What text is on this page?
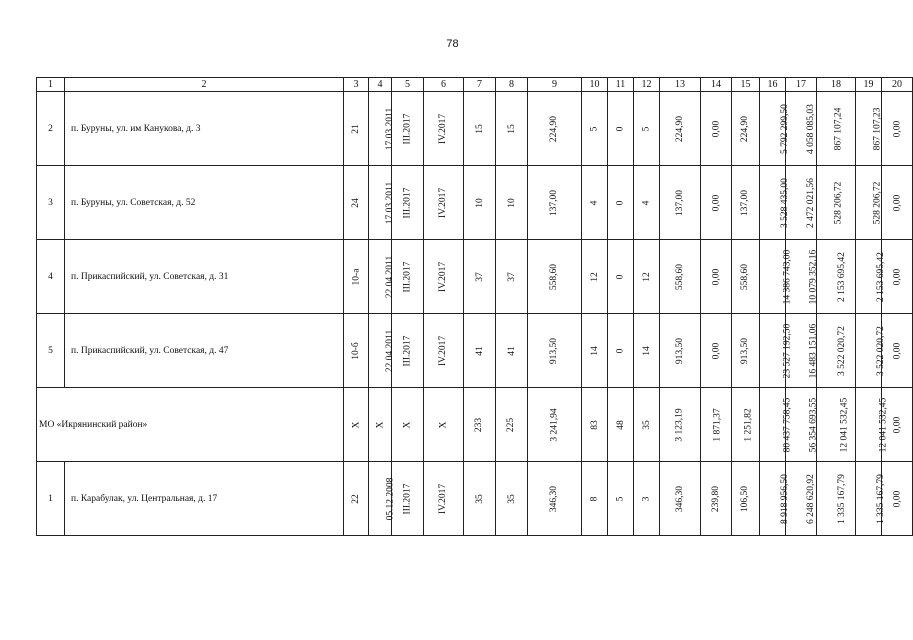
78
1	2	3	4	5	6	7	8	9	10	11	12	13	14	15	16	17	18	19	20
2	п. Буруны, ул. им Канукова, д. 3	21	17.03.2011	III.2017	IV.2017	15	15	224,90	5	0	5	224,90	0,00	224,90	5 792 299,50	4 058 085,03	867 107,24	867 107,23	0,00
3	п. Буруны, ул. Советская, д. 52	24	17.03.2011	III.2017	IV.2017	10	10	137,00	4	0	4	137,00	0,00	137,00	3 528 435,00	2 472 021,56	528 206,72	528 206,72	0,00
4	п. Прикаспийский, ул. Советская, д. 31	10-а	22.04.2011	III.2017	IV.2017	37	37	558,60	12	0	12	558,60	0,00	558,60	14 386 743,00	10 079 352,16	2 153 695,42	2 153 695,42	0,00
5	п. Прикаспийский, ул. Советская, д. 47	10-б	22.04.2011	III.2017	IV.2017	41	41	913,50	14	0	14	913,50	0,00	913,50	23 527 192,50	16 483 151,06	3 522 020,72	3 522 020,72	0,00
МО «Икрянинский район»		Х	Х	Х	Х	233	225	3 241,94	83	48	35	3 123,19	1 871,37	1 251,82	80 437 758,45	56 354 693,55	12 041 532,45	12 041 532,45	0,00
1	п. Карабулак, ул. Центральная, д. 17	22	05.12.2008	III.2017	IV.2017	35	35	346,30	8	5	3	346,30	239,80	106,50	8 918 956,50	6 248 620,92	1 335 167,79	1 335 167,79	0,00
